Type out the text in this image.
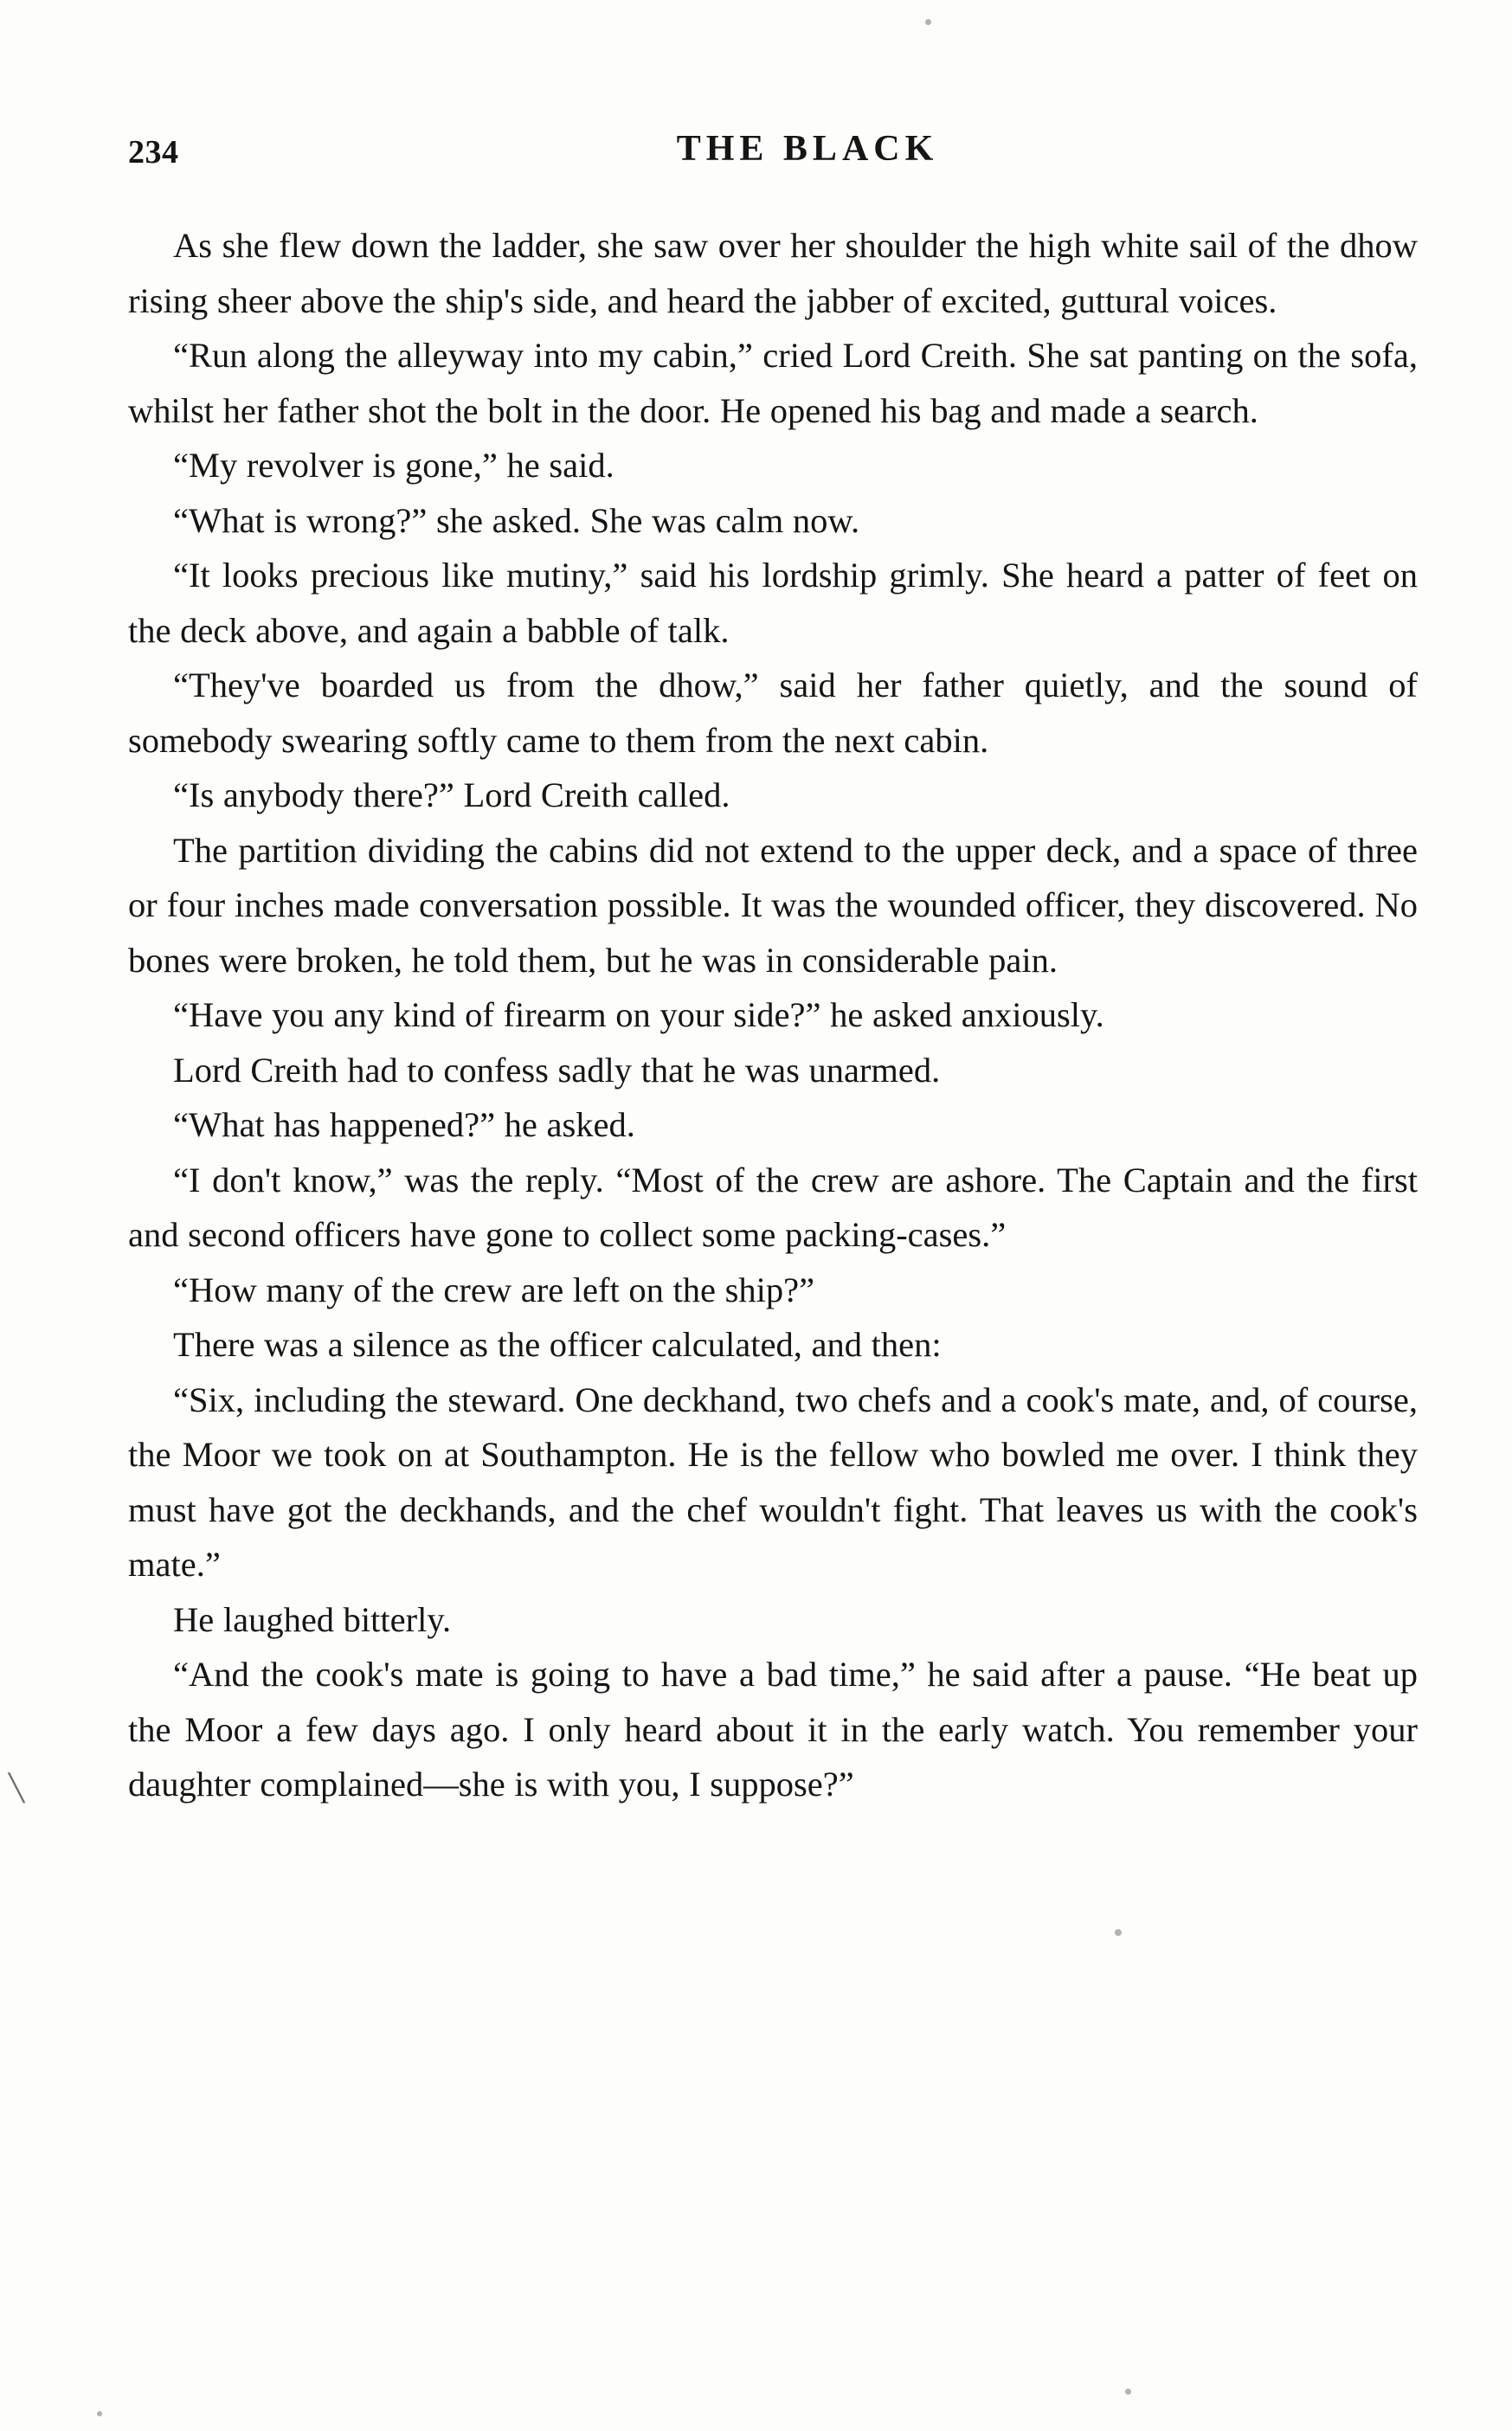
╲
234	THE BLACK

As she flew down the ladder, she saw over her shoulder the high white sail of the dhow rising sheer above the ship's side, and heard the jabber of excited, guttural voices.

“Run along the alleyway into my cabin,” cried Lord Creith. She sat panting on the sofa, whilst her father shot the bolt in the door. He opened his bag and made a search.

“My revolver is gone,” he said.

“What is wrong?” she asked. She was calm now.

“It looks precious like mutiny,” said his lordship grimly. She heard a patter of feet on the deck above, and again a babble of talk.

“They've boarded us from the dhow,” said her father quietly, and the sound of somebody swearing softly came to them from the next cabin.

“Is anybody there?” Lord Creith called.

The partition dividing the cabins did not extend to the upper deck, and a space of three or four inches made conversation possible. It was the wounded officer, they discovered. No bones were broken, he told them, but he was in considerable pain.

“Have you any kind of firearm on your side?” he asked anxiously.

Lord Creith had to confess sadly that he was unarmed.

“What has happened?” he asked.

“I don't know,” was the reply. “Most of the crew are ashore. The Captain and the first and second officers have gone to collect some packing-cases.”

“How many of the crew are left on the ship?”

There was a silence as the officer calculated, and then:

“Six, including the steward. One deckhand, two chefs and a cook's mate, and, of course, the Moor we took on at Southampton. He is the fellow who bowled me over. I think they must have got the deckhands, and the chef wouldn't fight. That leaves us with the cook's mate.”

He laughed bitterly.

“And the cook's mate is going to have a bad time,” he said after a pause. “He beat up the Moor a few days ago. I only heard about it in the early watch. You remember your daughter complained—she is with you, I suppose?”
